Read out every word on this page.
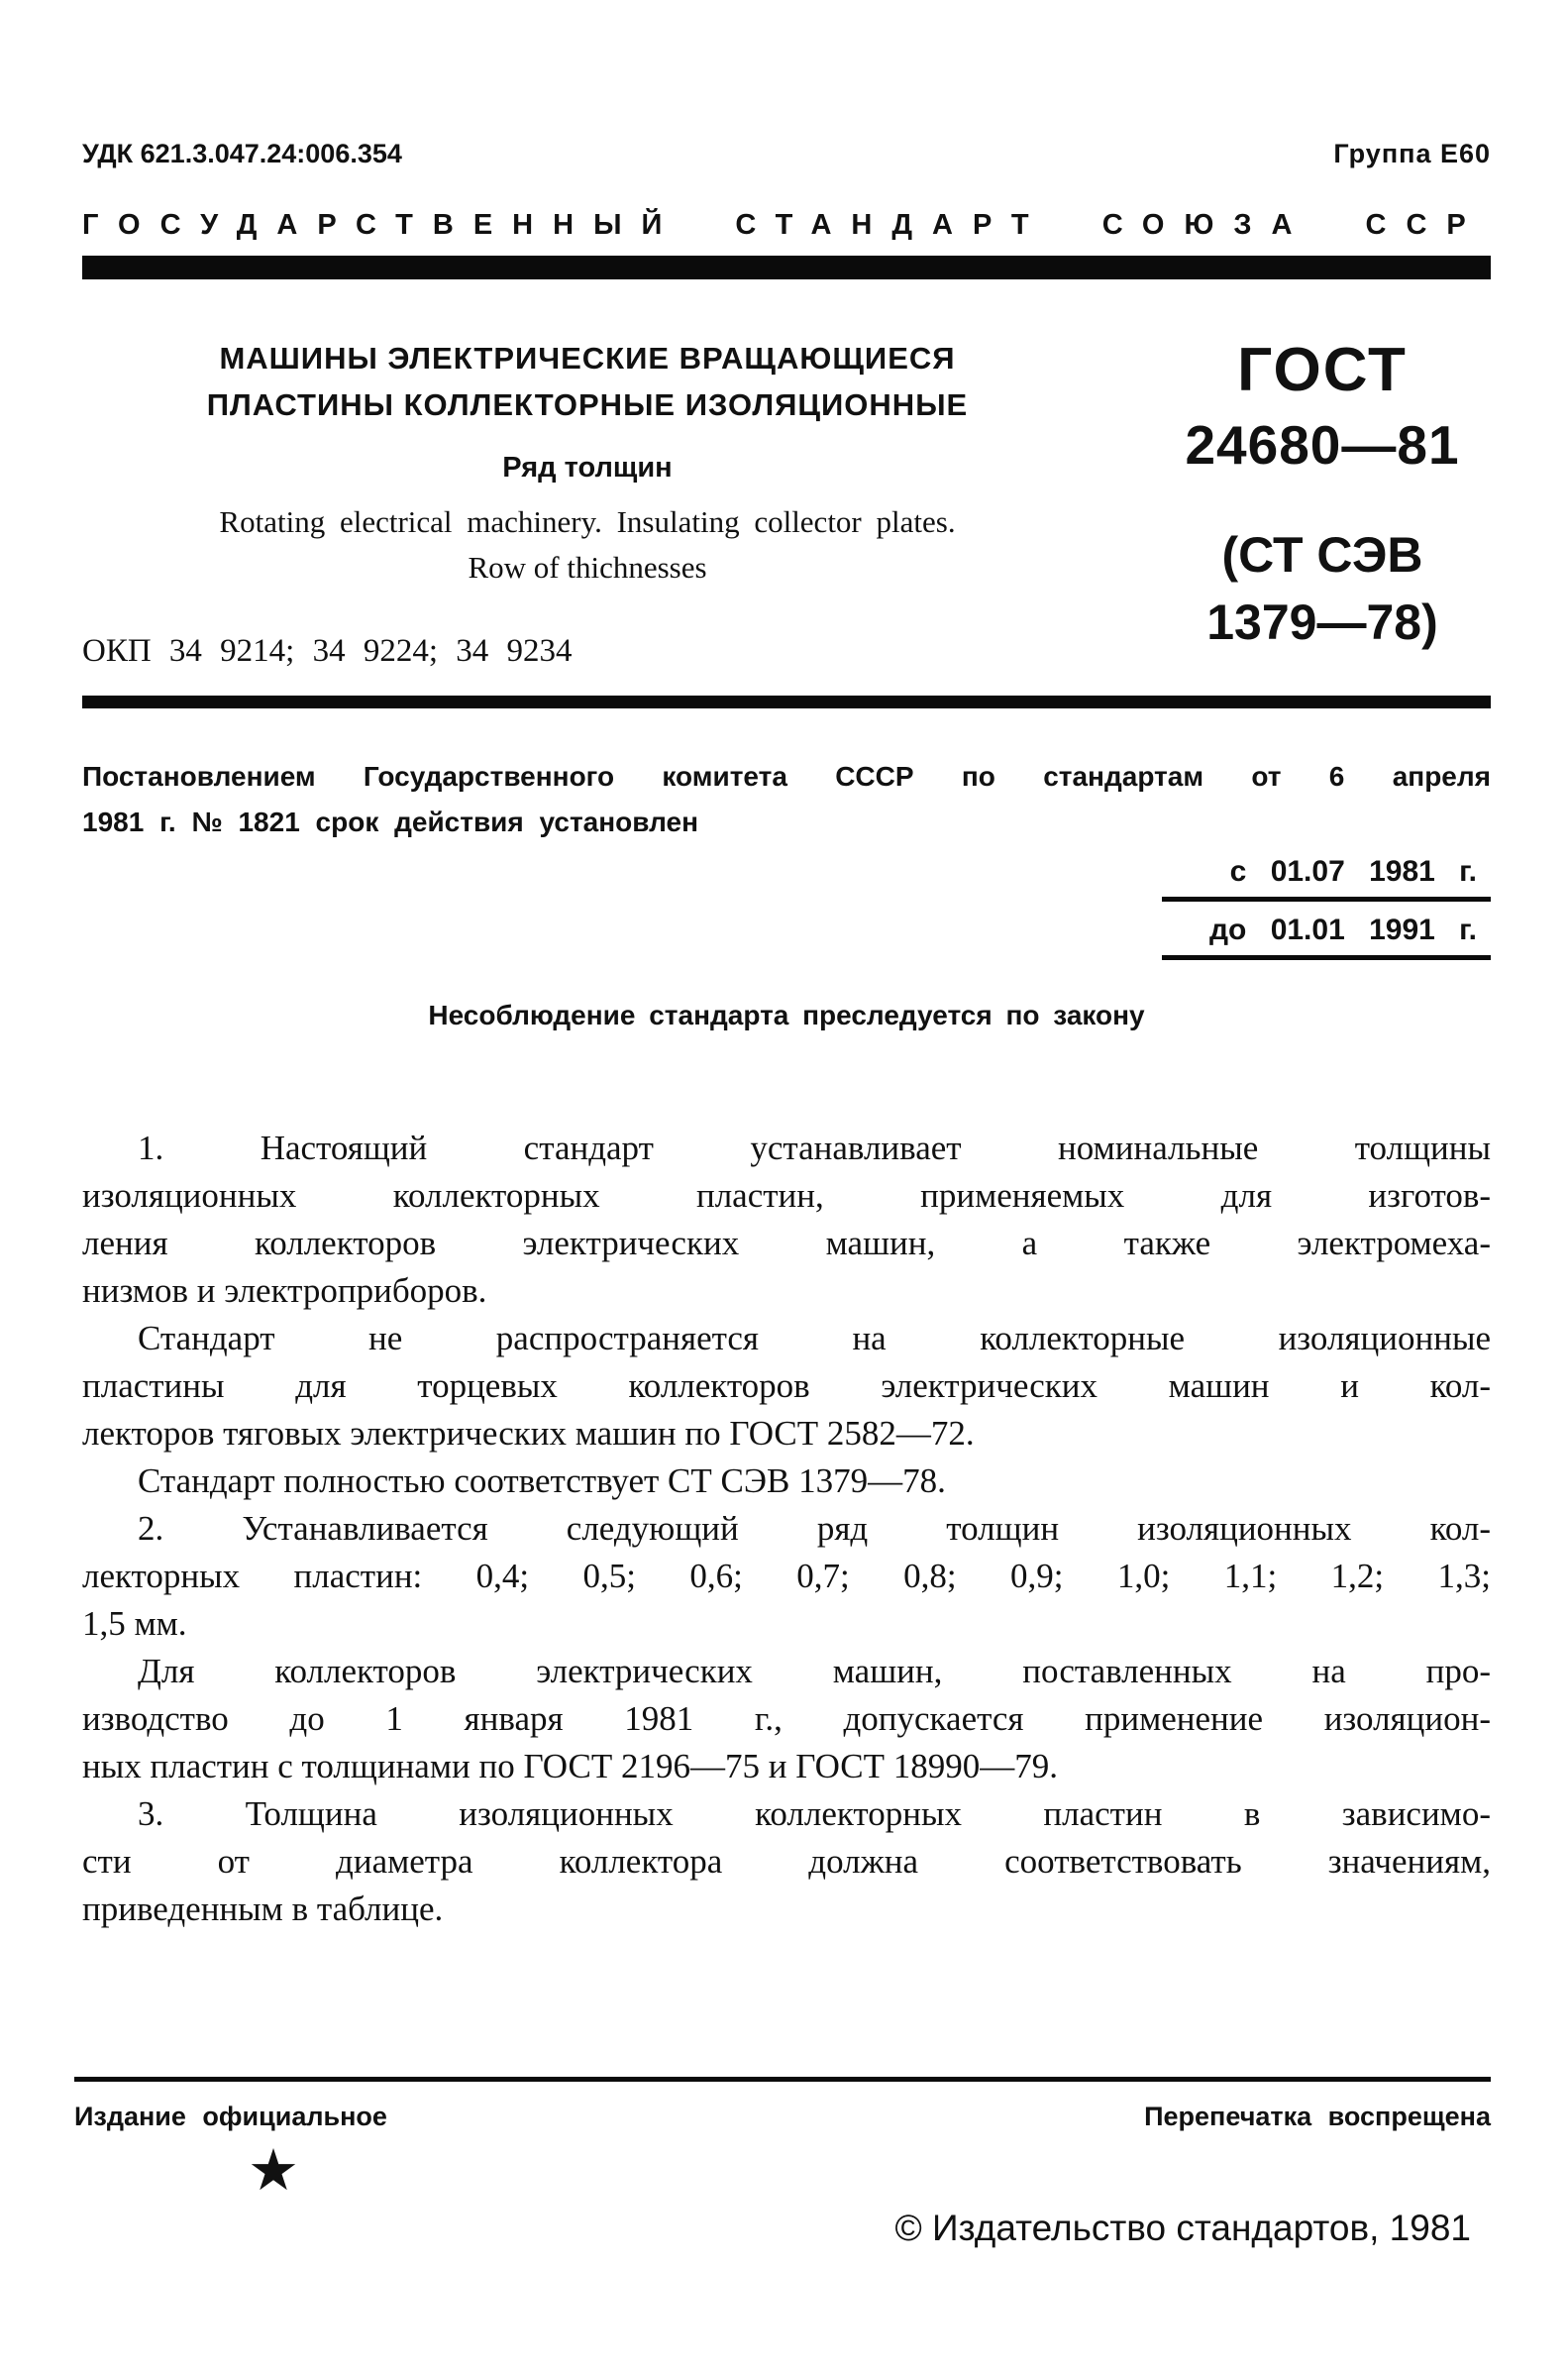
УДК 621.3.047.24:006.354	Группа Е60
ГОСУДАРСТВЕННЫЙ СТАНДАРТ СОЮЗА ССР
МАШИНЫ ЭЛЕКТРИЧЕСКИЕ ВРАЩАЮЩИЕСЯ
ПЛАСТИНЫ КОЛЛЕКТОРНЫЕ ИЗОЛЯЦИОННЫЕ
Ряд толщин
Rotating electrical machinery. Insulating collector plates.
Row of thichnesses
ОКП 34 9214; 34 9224; 34 9234
ГОСТ
24680—81
(СТ СЭВ
1379—78)
Постановлением Государственного комитета СССР по стандартам от 6 апреля
1981 г. № 1821 срок действия установлен
с 01.07 1981 г.
до 01.01 1991 г.
Несоблюдение стандарта преследуется по закону
1. Настоящий стандарт устанавливает номинальные толщины
изоляционных коллекторных пластин, применяемых для изготов-
ления коллекторов электрических машин, а также электромеха-
низмов и электроприборов.
Стандарт не распространяется на коллекторные изоляционные
пластины для торцевых коллекторов электрических машин и кол-
лекторов тяговых электрических машин по ГОСТ 2582—72.
Стандарт полностью соответствует СТ СЭВ 1379—78.
2. Устанавливается следующий ряд толщин изоляционных кол-
лекторных пластин: 0,4; 0,5; 0,6; 0,7; 0,8; 0,9; 1,0; 1,1; 1,2; 1,3;
1,5 мм.
Для коллекторов электрических машин, поставленных на про-
изводство до 1 января 1981 г., допускается применение изоляцион-
ных пластин с толщинами по ГОСТ 2196—75 и ГОСТ 18990—79.
3. Толщина изоляционных коллекторных пластин в зависимо-
сти от диаметра коллектора должна соответствовать значениям,
приведенным в таблице.
Издание официальное	Перепечатка воспрещена
★
© Издательство стандартов, 1981
